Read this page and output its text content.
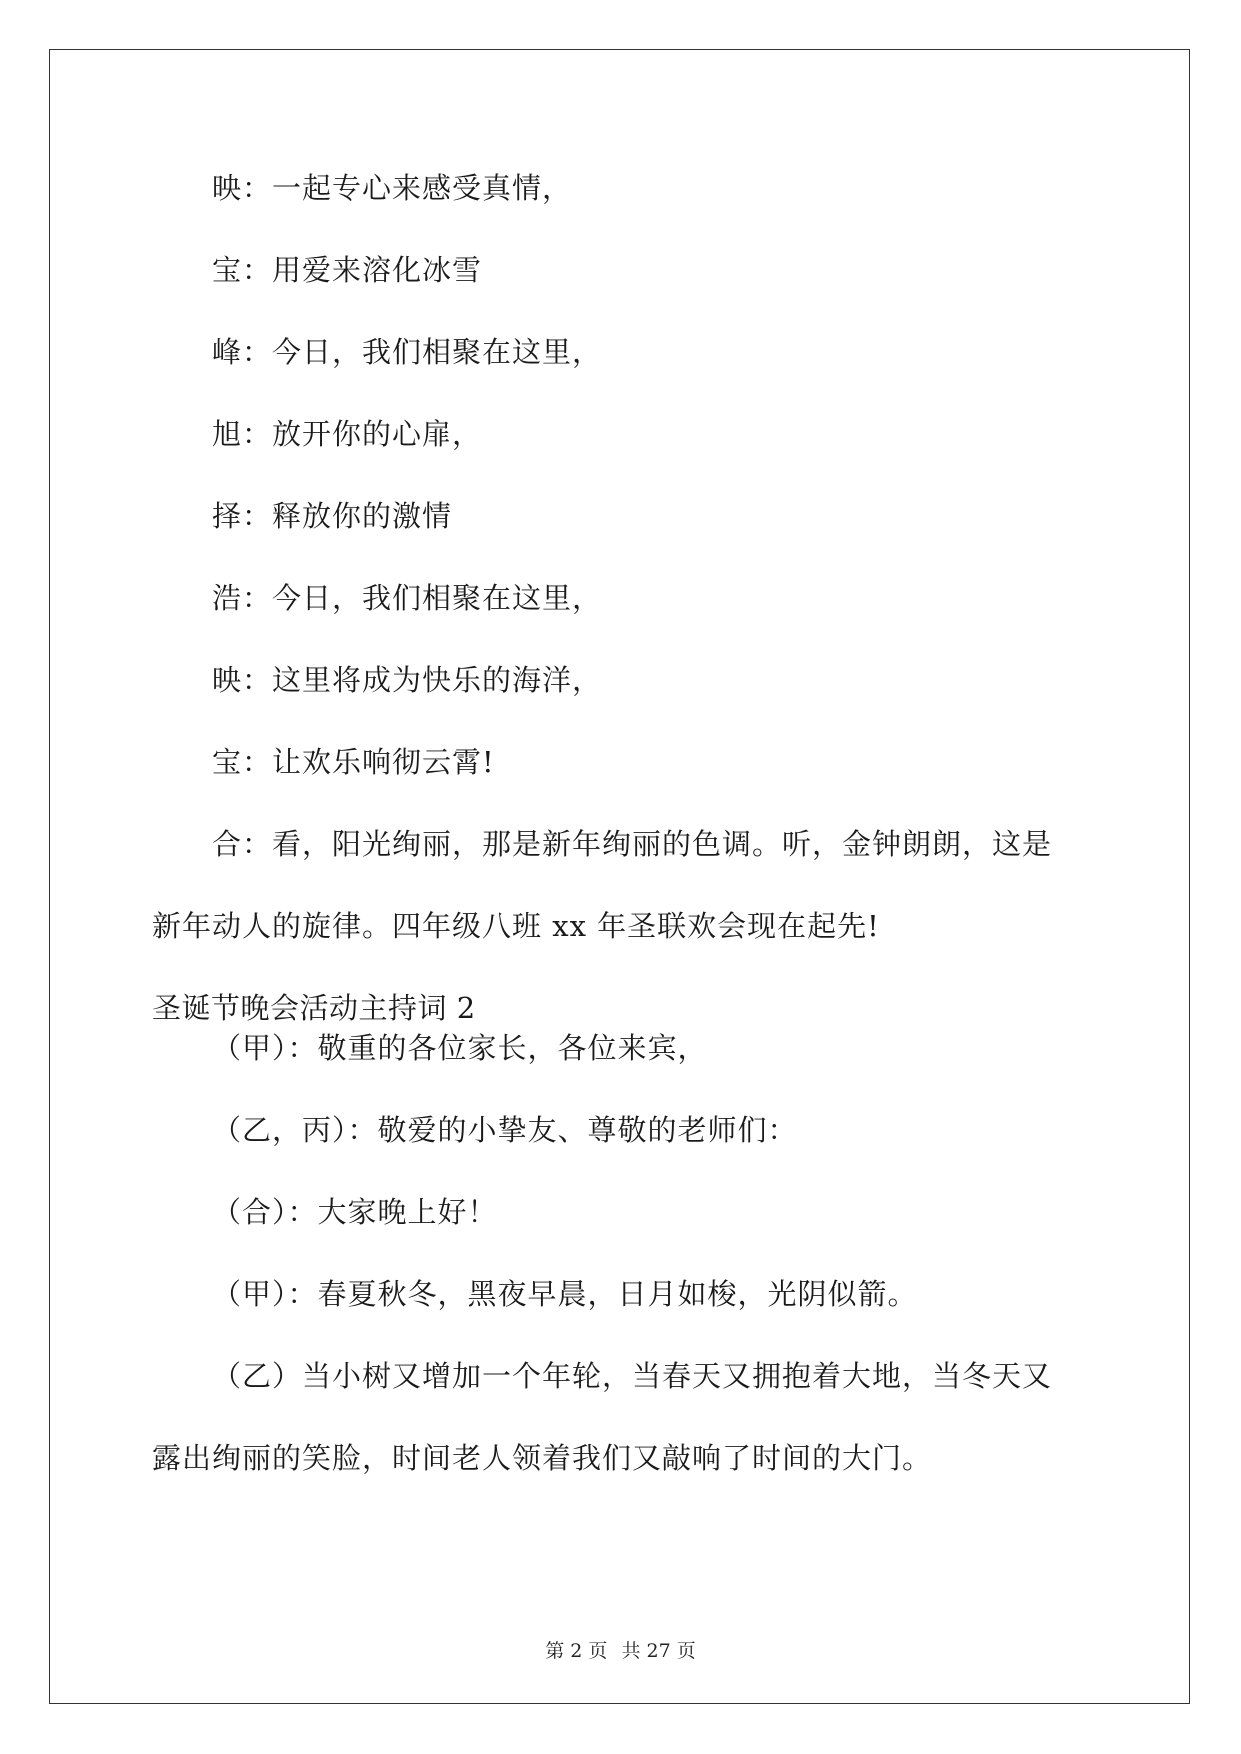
映：一起专心来感受真情，

宝：用爱来溶化冰雪

峰：今日，我们相聚在这里，

旭：放开你的心扉，

择：释放你的激情

浩：今日，我们相聚在这里，

映：这里将成为快乐的海洋，

宝：让欢乐响彻云霄!

合：看，阳光绚丽，那是新年绚丽的色调。听，金钟朗朗，这是

新年动人的旋律。四年级八班 xx 年圣联欢会现在起先!

圣诞节晚会活动主持词 2

（甲）：敬重的各位家长，各位来宾，

（乙，丙）：敬爱的小挚友、尊敬的老师们：

（合）：大家晚上好！

（甲）：春夏秋冬，黑夜早晨，日月如梭，光阴似箭。

（乙）当小树又增加一个年轮，当春天又拥抱着大地，当冬天又

露出绚丽的笑脸，时间老人领着我们又敲响了时间的大门。

第 2 页 共 27 页
